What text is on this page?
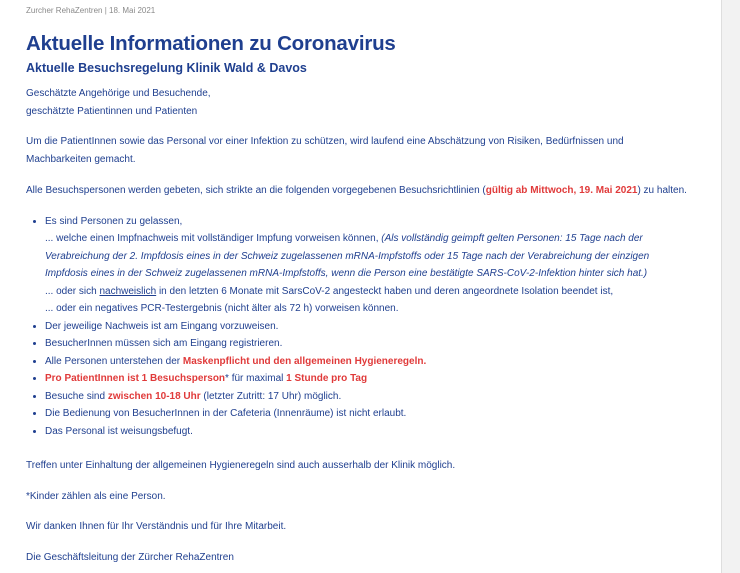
Zurcher RehaZentren | 18. Mai 2021
Aktuelle Informationen zu Coronavirus
Aktuelle Besuchsregelung Klinik Wald & Davos

Geschätzte Angehörige und Besuchende,
geschätzte Patientinnen und Patienten

Um die PatientInnen sowie das Personal vor einer Infektion zu schützen, wird laufend eine Abschätzung von Risiken, Bedürfnissen und Machbarkeiten gemacht.

Alle Besuchspersonen werden gebeten, sich strikte an die folgenden vorgegebenen Besuchsrichtlinien (gültig ab Mittwoch, 19. Mai 2021) zu halten.

• Es sind Personen zu gelassen,
... welche einen Impfnachweis mit vollständiger Impfung vorweisen können, (Als vollständig geimpft gelten Personen: 15 Tage nach der Verabreichung der 2. Impfdosis eines in der Schweiz zugelassenen mRNA-Impfstoffs oder 15 Tage nach der Verabreichung der einzigen Impfdosis eines in der Schweiz zugelassenen mRNA-Impfstoffs, wenn die Person eine bestätigte SARS-CoV-2-Infektion hinter sich hat.)
... oder sich nachweislich in den letzten 6 Monate mit SarsCoV-2 angesteckt haben und deren angeordnete Isolation beendet ist,
... oder ein negatives PCR-Testergebnis (nicht älter als 72 h) vorweisen können.
• Der jeweilige Nachweis ist am Eingang vorzuweisen.
• BesucherInnen müssen sich am Eingang registrieren.
• Alle Personen unterstehen der Maskenpflicht und den allgemeinen Hygieneregeln.
• Pro PatientInnen ist 1 Besuchsperson* für maximal 1 Stunde pro Tag
• Besuche sind zwischen 10-18 Uhr (letzter Zutritt: 17 Uhr) möglich.
• Die Bedienung von BesucherInnen in der Cafeteria (Innenräume) ist nicht erlaubt.
• Das Personal ist weisungsbefugt.

Treffen unter Einhaltung der allgemeinen Hygieneregeln sind auch ausserhalb der Klinik möglich.

*Kinder zählen als eine Person.

Wir danken Ihnen für Ihr Verständnis und für Ihre Mitarbeit.

Die Geschäftsleitung der Zürcher RehaZentren
